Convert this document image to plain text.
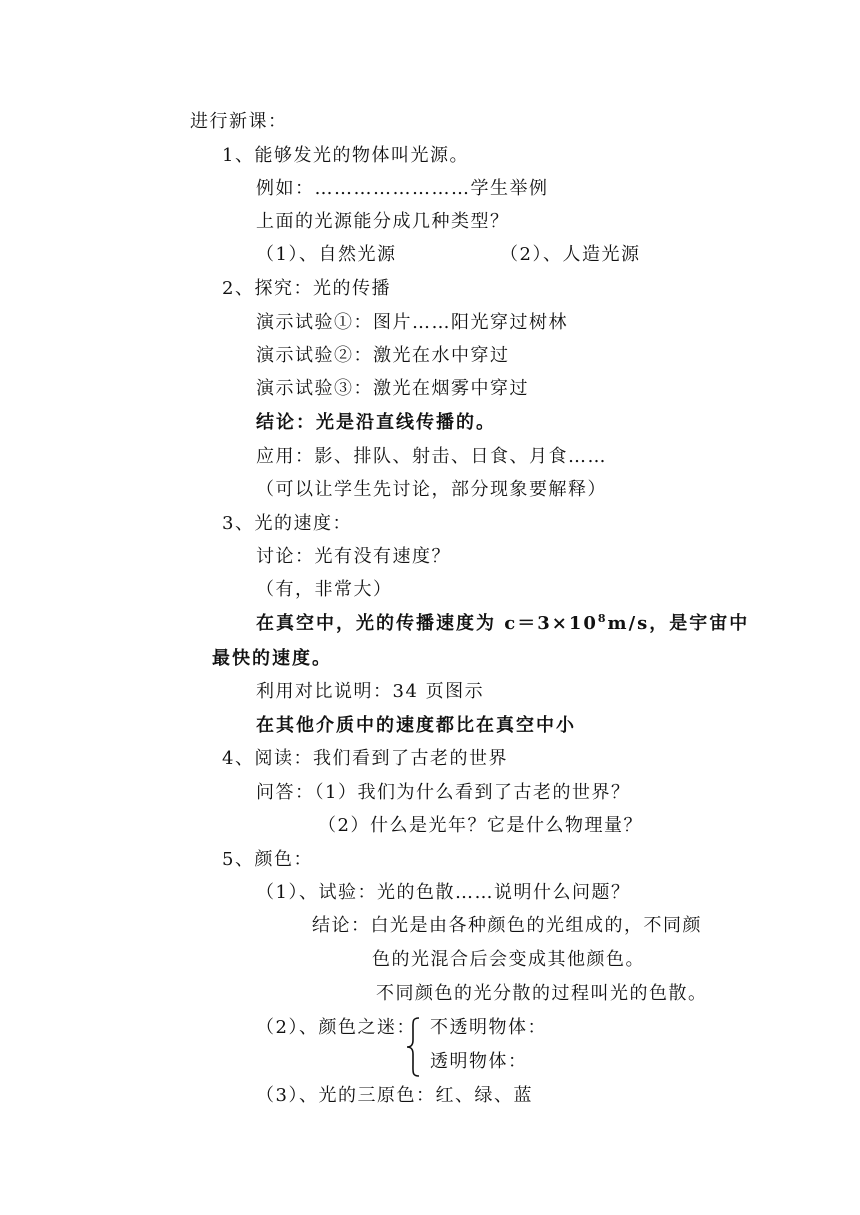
进行新课：
1、能够发光的物体叫光源。
例如：……………………学生举例
上面的光源能分成几种类型？
（1）、自然光源	（2）、人造光源
2、探究：光的传播
演示试验①：图片……阳光穿过树林
演示试验②：激光在水中穿过
演示试验③：激光在烟雾中穿过
结论：光是沿直线传播的。
应用：影、排队、射击、日食、月食……
（可以让学生先讨论，部分现象要解释）
3、光的速度：
讨论：光有没有速度？
（有，非常大）
在真空中，光的传播速度为 $c=3\times 10^8m/s$，是宇宙中
最快的速度。
利用对比说明：34 页图示
在其他介质中的速度都比在真空中小
4、阅读：我们看到了古老的世界
问答：（1）我们为什么看到了古老的世界？
（2）什么是光年？它是什么物理量？
5、颜色：
（1）、试验：光的色散……说明什么问题？
结论：白光是由各种颜色的光组成的，不同颜
色的光混合后会变成其他颜色。
不同颜色的光分散的过程叫光的色散。
（2）、颜色之迷： 不透明物体：
透明物体：
（3）、光的三原色：红、绿、蓝
